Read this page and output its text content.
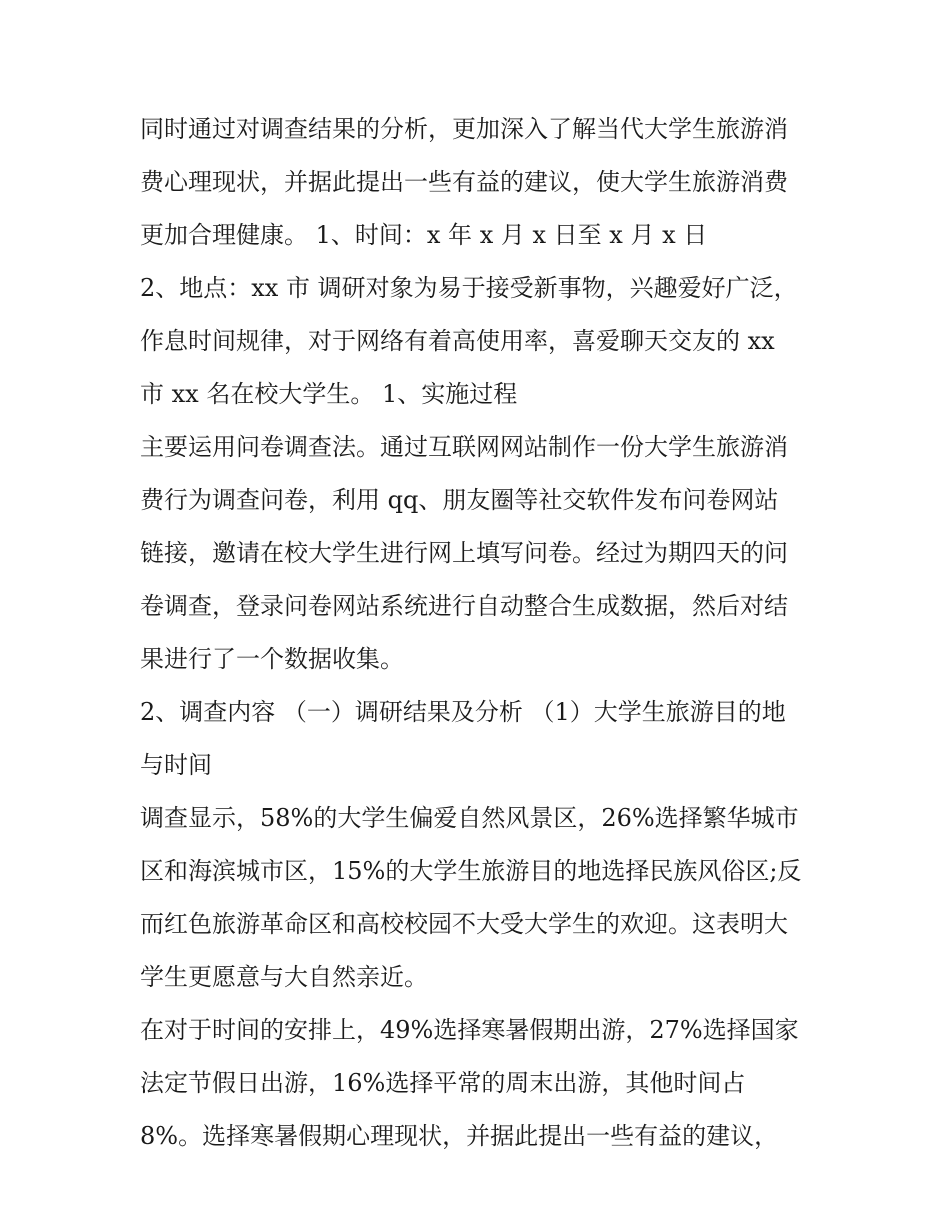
同时通过对调查结果的分析，更加深入了解当代大学生旅游消
费心理现状，并据此提出一些有益的建议，使大学生旅游消费
更加合理健康。 1、时间：x 年 x 月 x 日至 x 月 x 日
2、地点：xx 市 调研对象为易于接受新事物，兴趣爱好广泛，
作息时间规律，对于网络有着高使用率，喜爱聊天交友的 xx
市 xx 名在校大学生。 1、实施过程
主要运用问卷调查法。通过互联网网站制作一份大学生旅游消
费行为调查问卷，利用 qq、朋友圈等社交软件发布问卷网站
链接，邀请在校大学生进行网上填写问卷。经过为期四天的问
卷调查，登录问卷网站系统进行自动整合生成数据，然后对结
果进行了一个数据收集。
2、调查内容 （一）调研结果及分析 （1）大学生旅游目的地
与时间
调查显示，58%的大学生偏爱自然风景区，26%选择繁华城市
区和海滨城市区，15%的大学生旅游目的地选择民族风俗区;反
而红色旅游革命区和高校校园不大受大学生的欢迎。这表明大
学生更愿意与大自然亲近。
在对于时间的安排上，49%选择寒暑假期出游，27%选择国家
法定节假日出游，16%选择平常的周末出游，其他时间占
8%。选择寒暑假期心理现状，并据此提出一些有益的建议，
